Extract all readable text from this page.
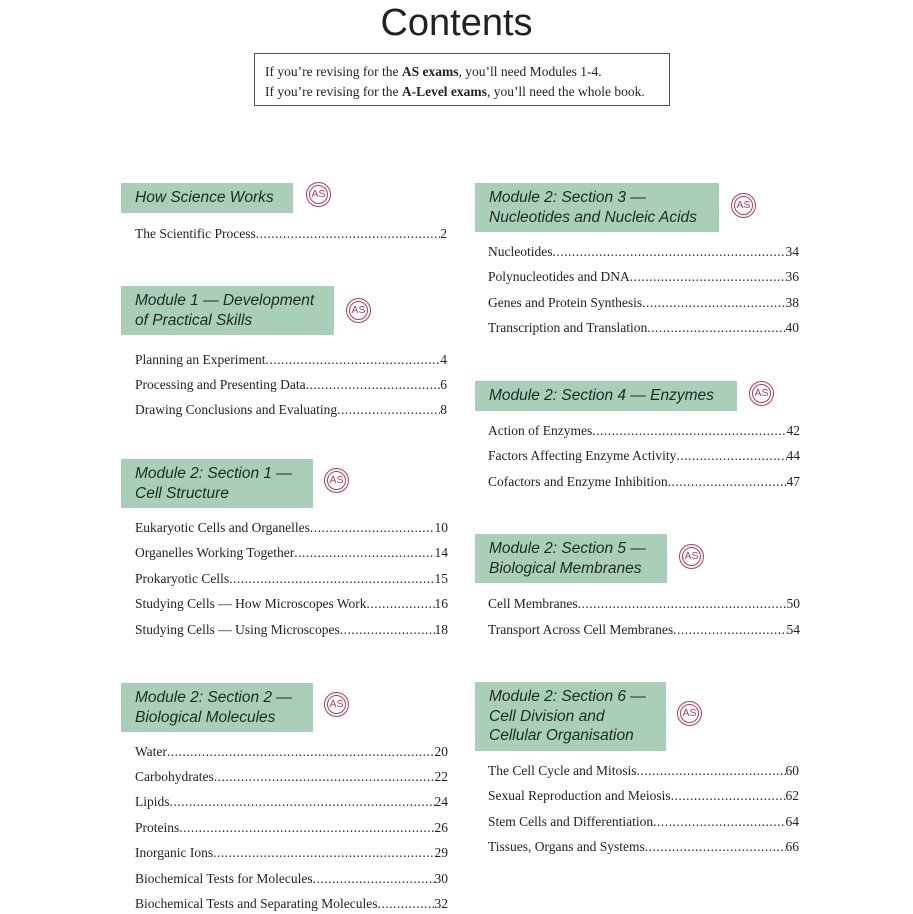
Contents
If you’re revising for the AS exams, you’ll need Modules 1-4.
If you’re revising for the A-Level exams, you’ll need the whole book.
How Science Works	AS
The Scientific Process .....	2
Module 1 — Development
of Practical Skills
AS
Planning an Experiment .....	4
Processing and Presenting Data .....	6
Drawing Conclusions and Evaluating .....	8
Module 2: Section 1 —
Cell Structure
AS
Eukaryotic Cells and Organelles .....	10
Organelles Working Together .....	14
Prokaryotic Cells .....	15
Studying Cells — How Microscopes Work .....	16
Studying Cells — Using Microscopes .....	18
Module 2: Section 2 —
Biological Molecules
AS
Water .....	20
Carbohydrates .....	22
Lipids .....	24
Proteins .....	26
Inorganic Ions .....	29
Biochemical Tests for Molecules .....	30
Biochemical Tests and Separating Molecules .....	32
Module 2: Section 3 —
Nucleotides and Nucleic Acids
AS
Nucleotides .....	34
Polynucleotides and DNA .....	36
Genes and Protein Synthesis .....	38
Transcription and Translation .....	40
Module 2: Section 4 — Enzymes	AS
Action of Enzymes .....	42
Factors Affecting Enzyme Activity .....	44
Cofactors and Enzyme Inhibition .....	47
Module 2: Section 5 —
Biological Membranes
AS
Cell Membranes .....	50
Transport Across Cell Membranes .....	54
Module 2: Section 6 —
Cell Division and
Cellular Organisation
AS
The Cell Cycle and Mitosis .....	60
Sexual Reproduction and Meiosis .....	62
Stem Cells and Differentiation .....	64
Tissues, Organs and Systems .....	66
